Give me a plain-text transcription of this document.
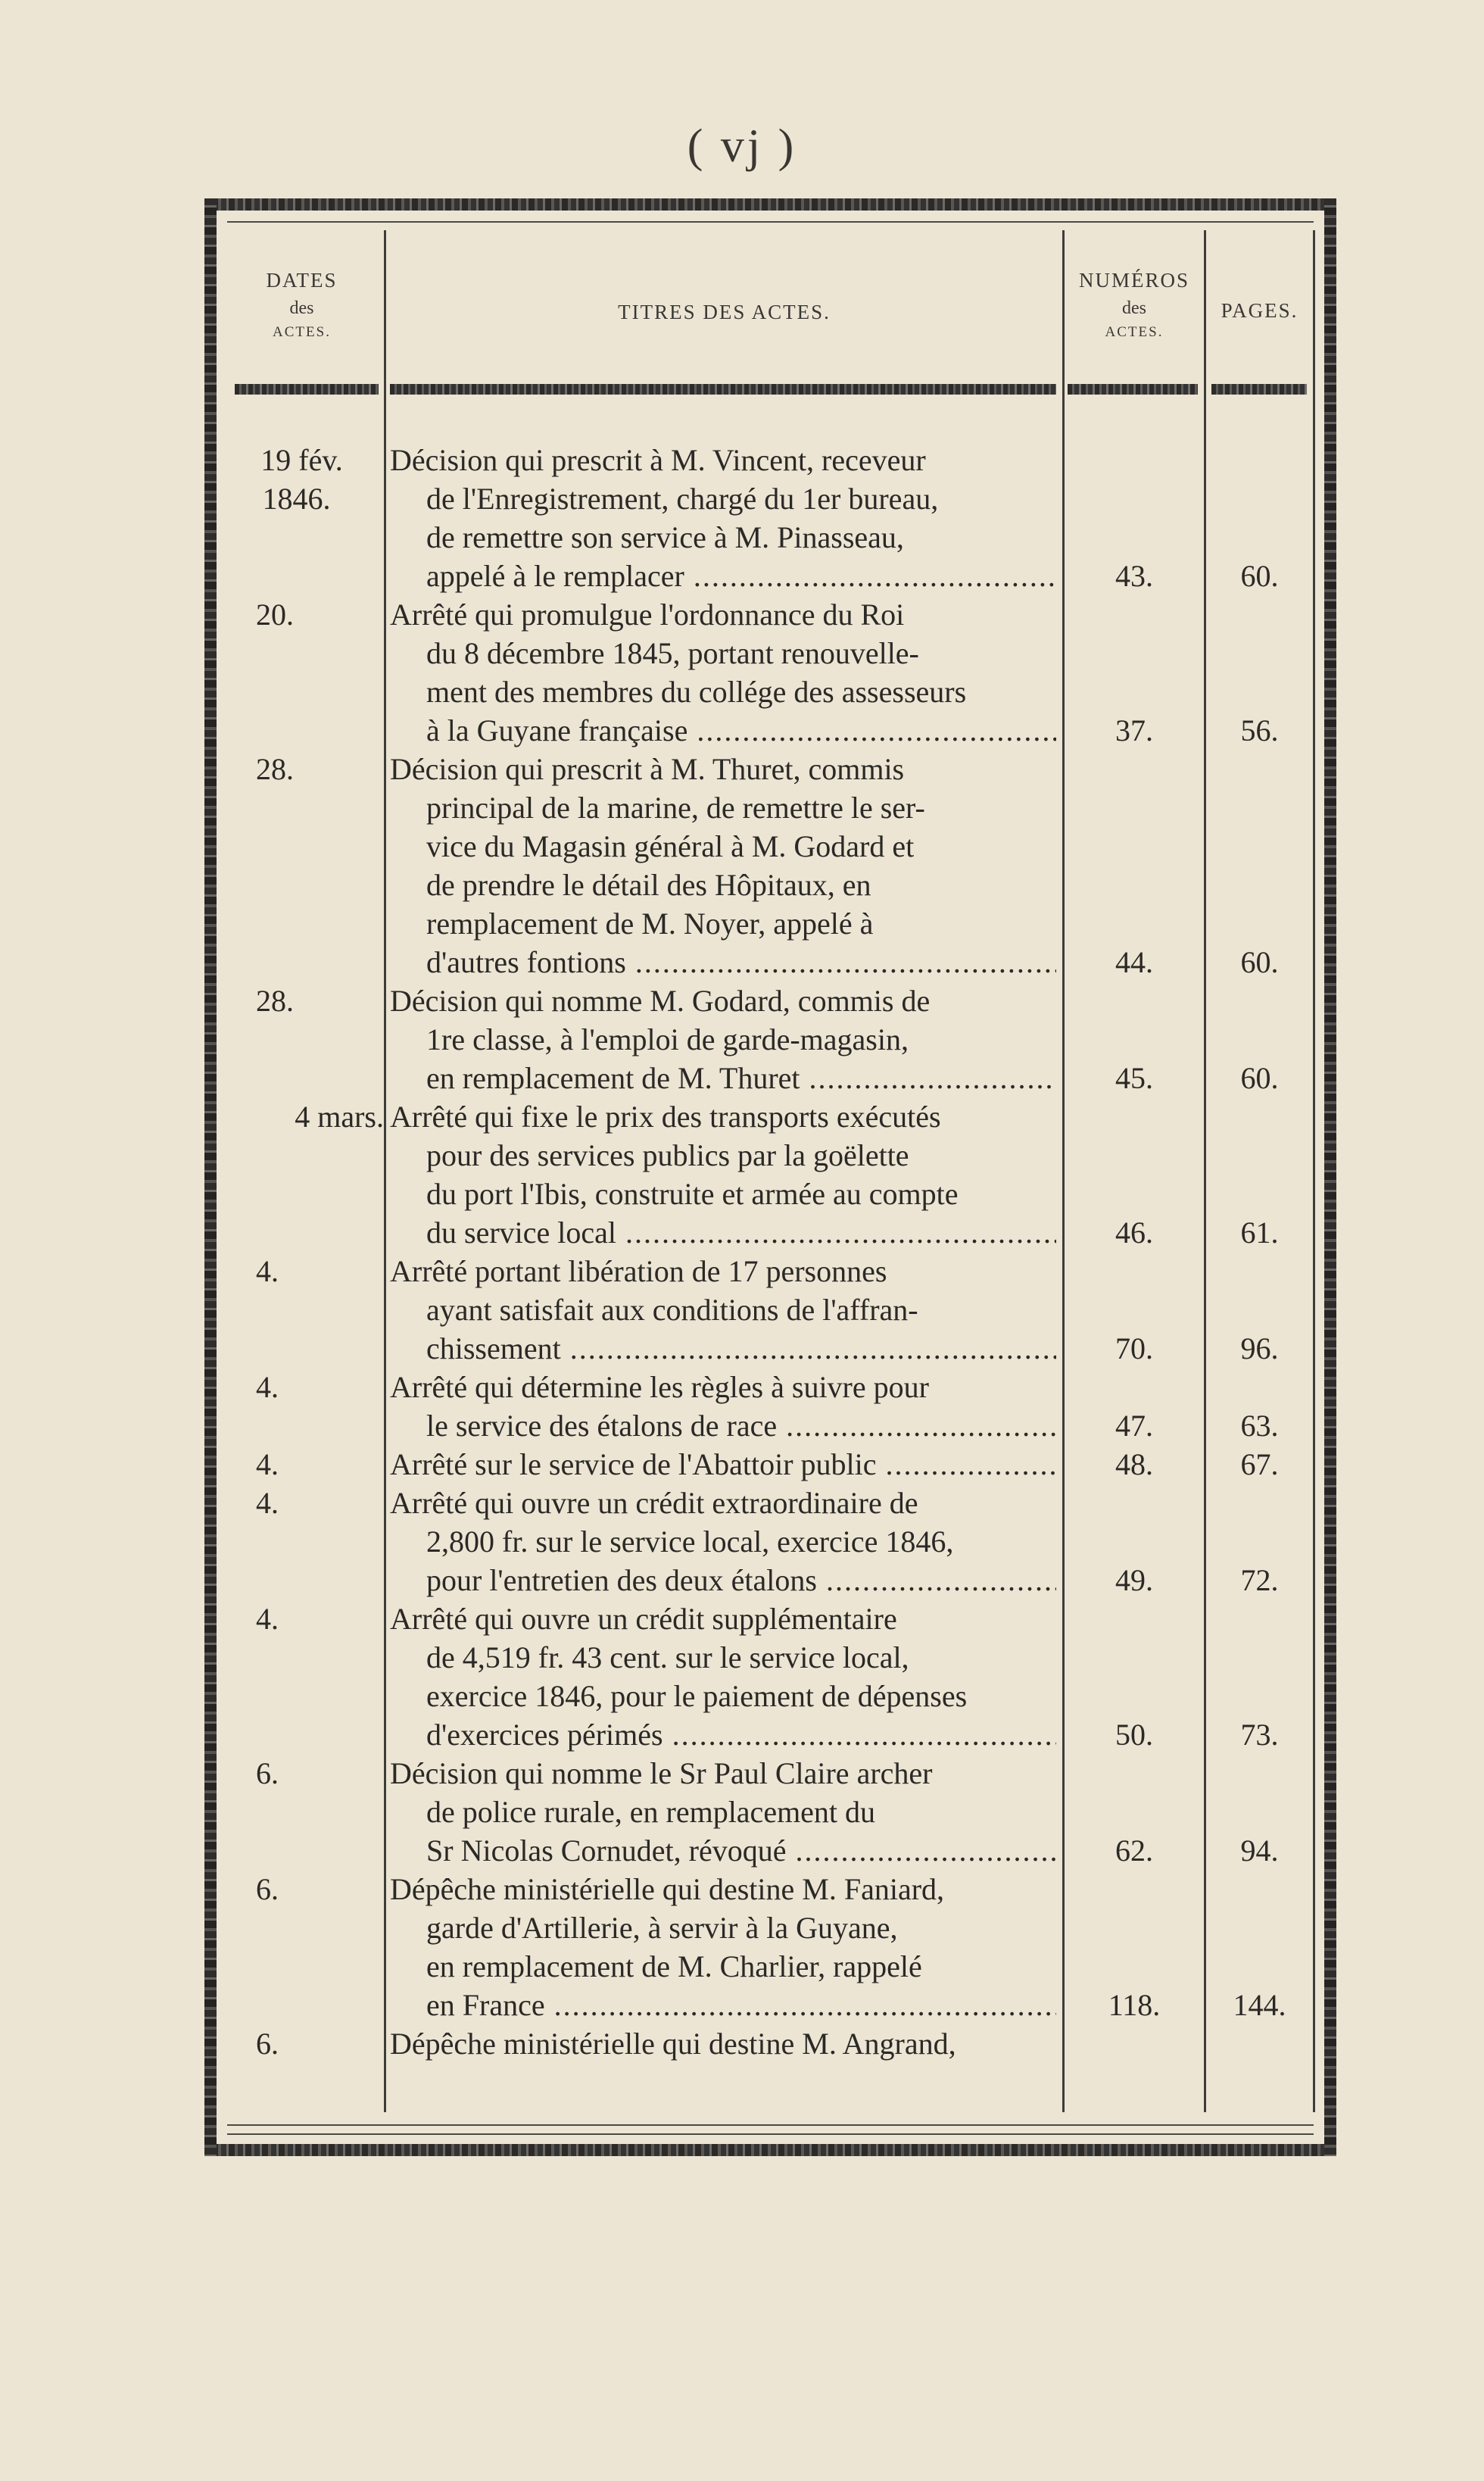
( vj )
DATES
des
ACTES.
TITRES DES ACTES.
NUMÉROS
des
ACTES.
PAGES.
19 fév.
1846.
Décision qui prescrit à M. Vincent, receveur
de l'Enregistrement, chargé du 1er bureau,
de remettre son service à M. Pinasseau,
appelé à le remplacer .....	43.	60.
20.	Arrêté qui promulgue l'ordonnance du Roi
du 8 décembre 1845, portant renouvelle-
ment des membres du collége des assesseurs
à la Guyane française .....	37.	56.
28.	Décision qui prescrit à M. Thuret, commis
principal de la marine, de remettre le ser-
vice du Magasin général à M. Godard et
de prendre le détail des Hôpitaux, en
remplacement de M. Noyer, appelé à
d'autres fontions .....	44.	60.
28.	Décision qui nomme M. Godard, commis de
1re classe, à l'emploi de garde-magasin,
en remplacement de M. Thuret .....	45.	60.
4 mars. Arrêté qui fixe le prix des transports exécutés
pour des services publics par la goëlette
du port l'Ibis, construite et armée au compte
du service local .....	46.	61.
4.	Arrêté portant libération de 17 personnes
ayant satisfait aux conditions de l'affran-
chissement .....	70.	96.
4.	Arrêté qui détermine les règles à suivre pour
le service des étalons de race .....	47.	63.
4.	Arrêté sur le service de l'Abattoir public .....	48.	67.
4.	Arrêté qui ouvre un crédit extraordinaire de
2,800 fr. sur le service local, exercice 1846,
pour l'entretien des deux étalons .....	49.	72.
4.	Arrêté qui ouvre un crédit supplémentaire
de 4,519 fr. 43 cent. sur le service local,
exercice 1846, pour le paiement de dépenses
d'exercices périmés .....	50.	73.
6.	Décision qui nomme le Sr Paul Claire archer
de police rurale, en remplacement du
Sr Nicolas Cornudet, révoqué .....	62.	94.
6.	Dépêche ministérielle qui destine M. Faniard,
garde d'Artillerie, à servir à la Guyane,
en remplacement de M. Charlier, rappelé
en France .....	118.	144.
6.	Dépêche ministérielle qui destine M. Angrand,
